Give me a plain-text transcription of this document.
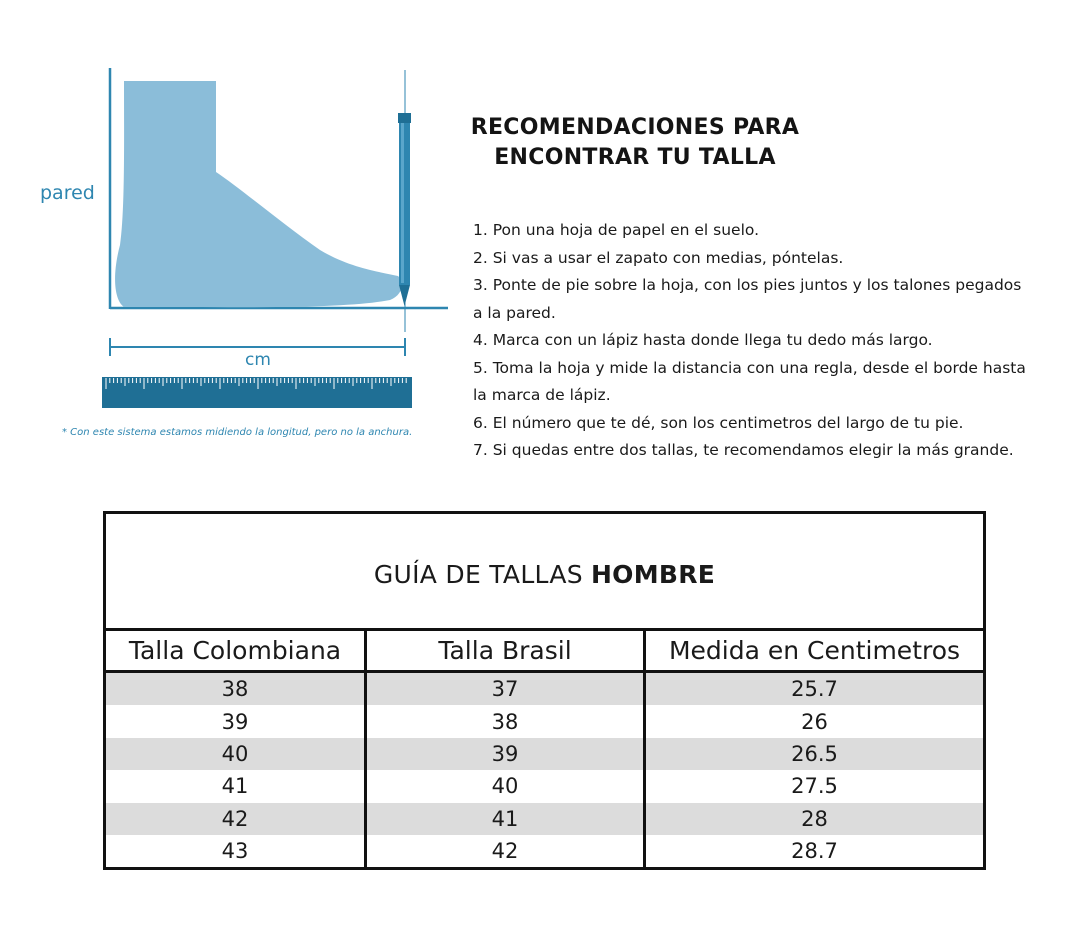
pared
cm
* Con este sistema estamos midiendo la longitud, pero no la anchura.
RECOMENDACIONES PARA
ENCONTRAR TU TALLA

1. Pon una hoja de papel en el suelo.

2. Si vas a usar el zapato con medias, póntelas.

3. Ponte de pie sobre la hoja, con los pies juntos y los talones pegados

a la pared.

4. Marca con un lápiz hasta donde llega tu dedo más largo.

5. Toma la hoja y mide la distancia con una regla, desde el borde hasta

la marca de lápiz.

6. El número que te dé, son los centimetros del largo de tu pie.

7. Si quedas entre dos tallas, te recomendamos elegir la más grande.

GUÍA DE TALLAS HOMBRE
Talla Colombiana	Talla Brasil	Medida en Centimetros
38	37	25.7
39	38	26
40	39	26.5
41	40	27.5
42	41	28
43	42	28.7
